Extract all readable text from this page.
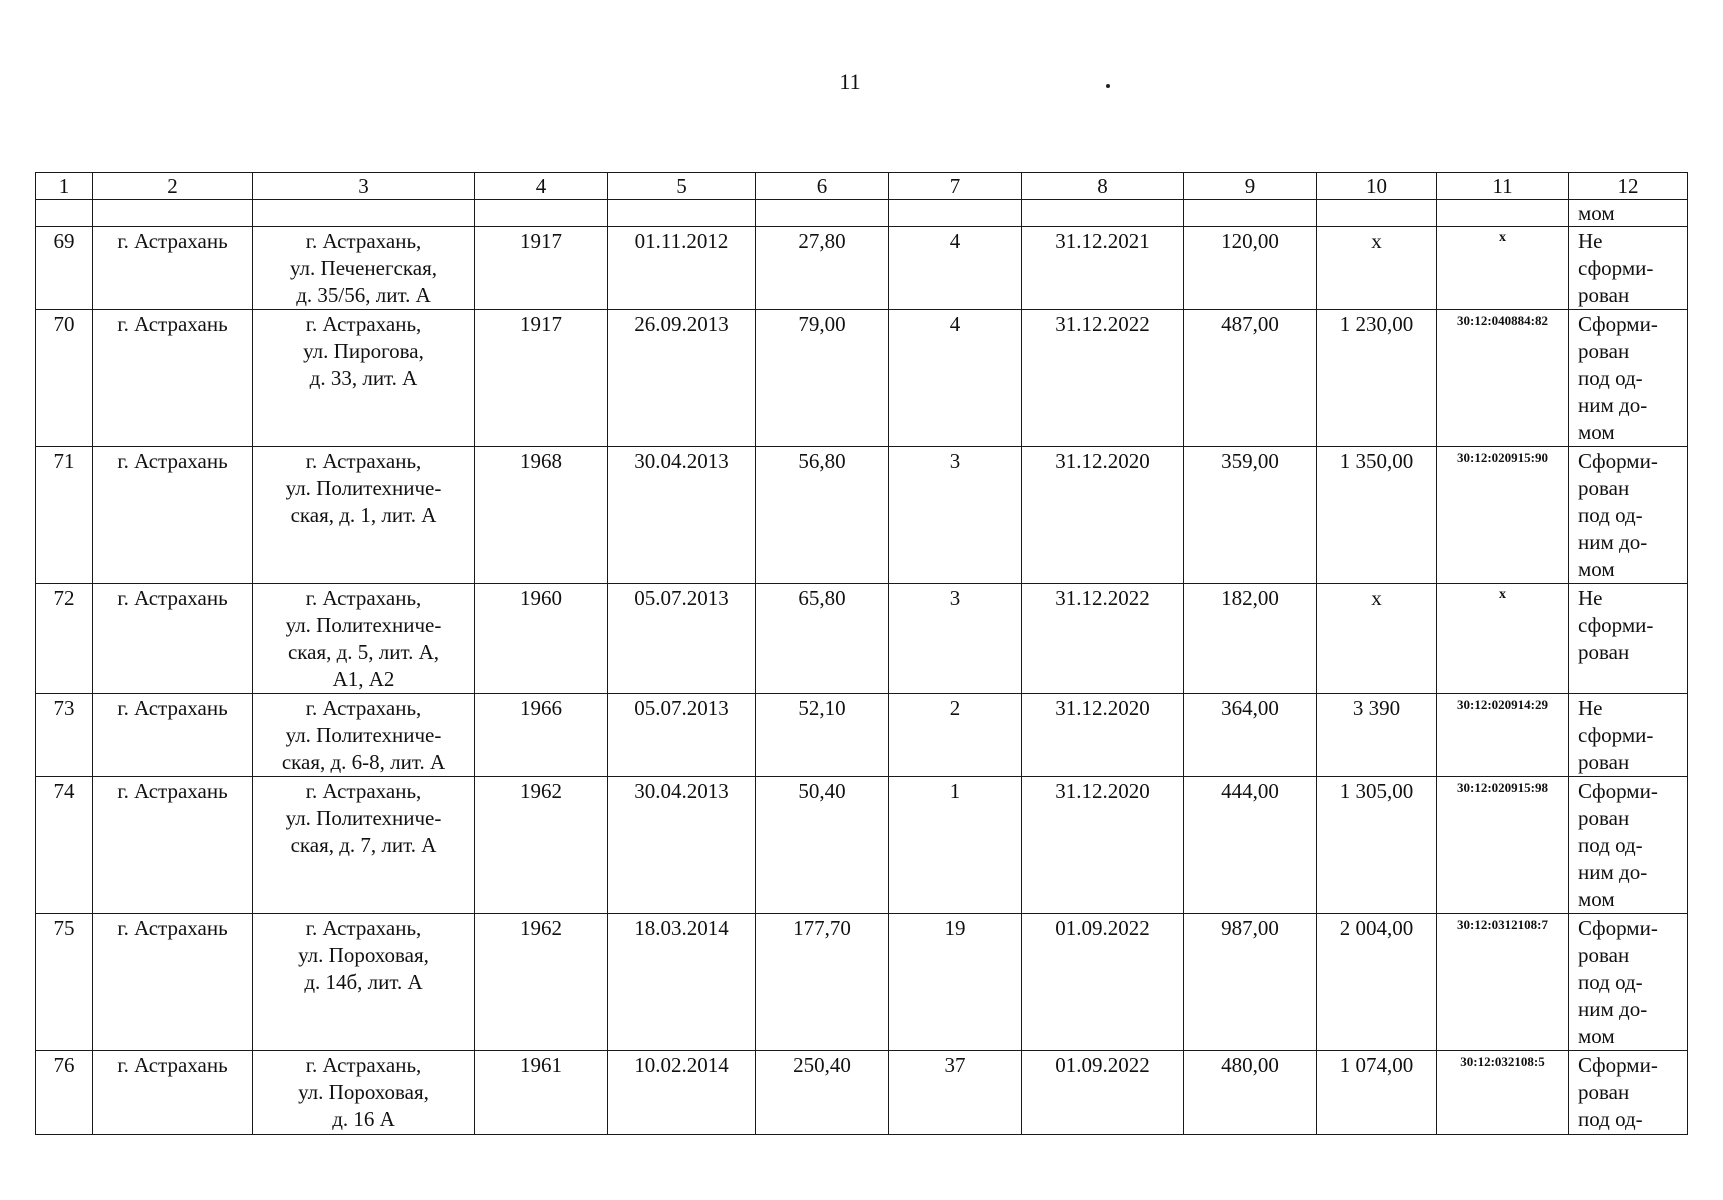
11
1	2	3	4	5	6	7	8	9	10	11	12
											мом
69	г. Астрахань	г. Астрахань,
ул. Печенегская,
д. 35/56, лит. А	1917	01.11.2012	27,80	4	31.12.2021	120,00	x	x	Не
сформи-
рован

70	г. Астрахань	г. Астрахань,
ул. Пирогова,
д. 33, лит. А	1917	26.09.2013	79,00	4	31.12.2022	487,00	1 230,00	30:12:040884:82	Сформи-
рован
под од-
ним до-
мом

71	г. Астрахань	г. Астрахань,
ул. Политехниче-
ская, д. 1, лит. А	1968	30.04.2013	56,80	3	31.12.2020	359,00	1 350,00	30:12:020915:90	Сформи-
рован
под од-
ним до-
мом

72	г. Астрахань	г. Астрахань,
ул. Политехниче-
ская, д. 5, лит. А,
А1, А2	1960	05.07.2013	65,80	3	31.12.2022	182,00	x	x	Не
сформи-
рован

73	г. Астрахань	г. Астрахань,
ул. Политехниче-
ская, д. 6-8, лит. А	1966	05.07.2013	52,10	2	31.12.2020	364,00	3 390	30:12:020914:29	Не
сформи-
рован

74	г. Астрахань	г. Астрахань,
ул. Политехниче-
ская, д. 7, лит. А	1962	30.04.2013	50,40	1	31.12.2020	444,00	1 305,00	30:12:020915:98	Сформи-
рован
под од-
ним до-
мом

75	г. Астрахань	г. Астрахань,
ул. Пороховая,
д. 14б, лит. А	1962	18.03.2014	177,70	19	01.09.2022	987,00	2 004,00	30:12:0312108:7	Сформи-
рован
под од-
ним до-
мом

76	г. Астрахань	г. Астрахань,
ул. Пороховая,
д. 16 А	1961	10.02.2014	250,40	37	01.09.2022	480,00	1 074,00	30:12:032108:5	Сформи-
рован
под од-
